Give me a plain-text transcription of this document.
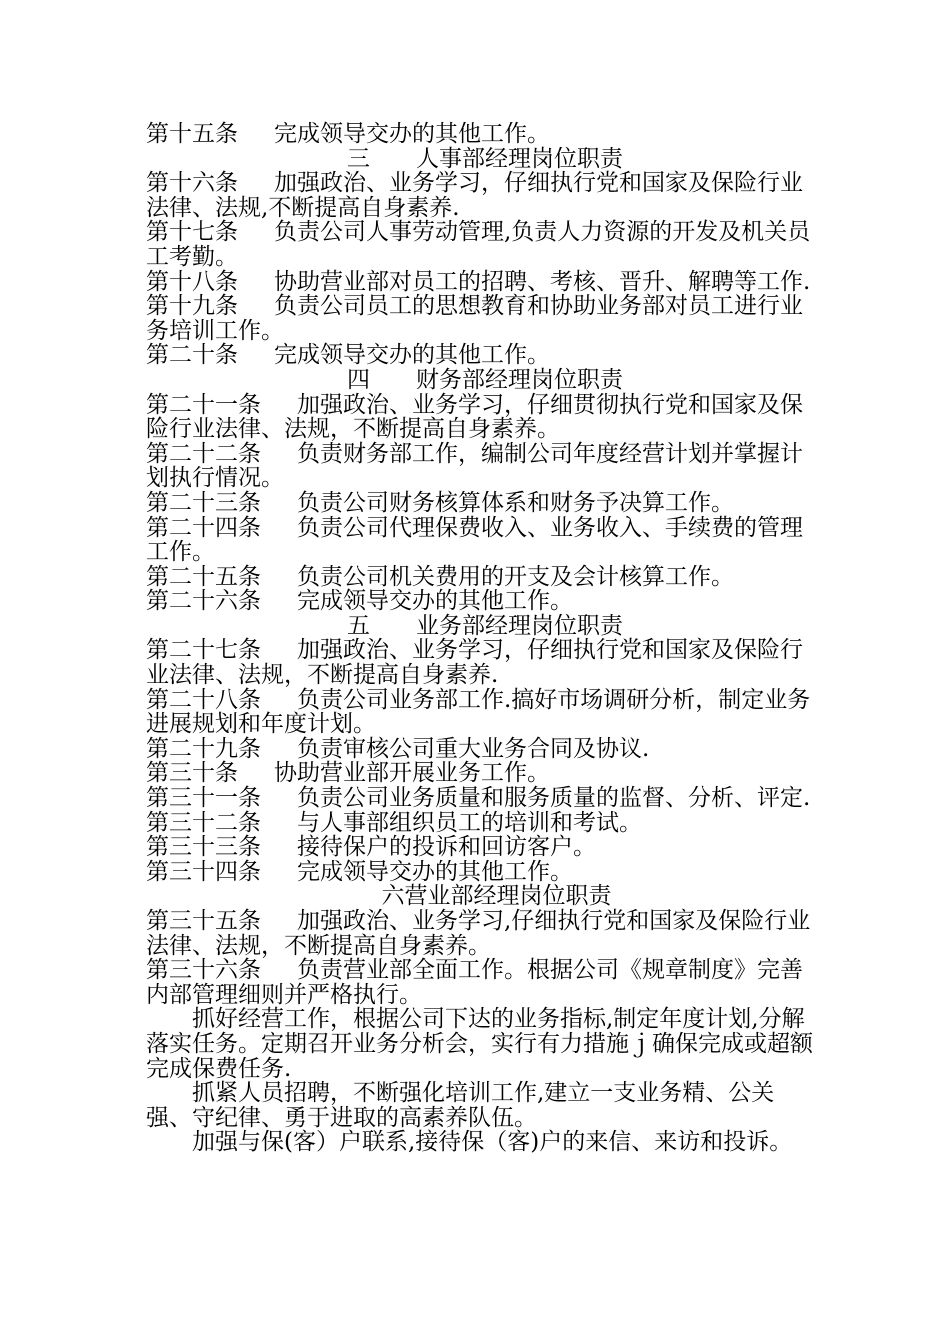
第十五条 完成领导交办的其他工作。
三　　人事部经理岗位职责
第十六条 加强政治、业务学习，仔细执行党和国家及保险行业法律、法规,不断提高自身素养.
第十七条 负责公司人事劳动管理,负责人力资源的开发及机关员工考勤。
第十八条 协助营业部对员工的招聘、考核、晋升、解聘等工作.
第十九条 负责公司员工的思想教育和协助业务部对员工进行业务培训工作。
第二十条 完成领导交办的其他工作。
四　　财务部经理岗位职责
第二十一条 加强政治、业务学习，仔细贯彻执行党和国家及保险行业法律、法规，不断提高自身素养。
第二十二条 负责财务部工作，编制公司年度经营计划并掌握计划执行情况。
第二十三条 负责公司财务核算体系和财务予决算工作。
第二十四条 负责公司代理保费收入、业务收入、手续费的管理工作。
第二十五条 负责公司机关费用的开支及会计核算工作。
第二十六条 完成领导交办的其他工作。
五　　业务部经理岗位职责
第二十七条 加强政治、业务学习，仔细执行党和国家及保险行业法律、法规，不断提高自身素养.
第二十八条 负责公司业务部工作.搞好市场调研分析，制定业务进展规划和年度计划。
第二十九条 负责审核公司重大业务合同及协议.
第三十条 协助营业部开展业务工作。
第三十一条 负责公司业务质量和服务质量的监督、分析、评定.
第三十二条 与人事部组织员工的培训和考试。
第三十三条 接待保户的投诉和回访客户。
第三十四条 完成领导交办的其他工作。
　六营业部经理岗位职责
第三十五条 加强政治、业务学习,仔细执行党和国家及保险行业法律、法规，不断提高自身素养。
第三十六条 负责营业部全面工作。根据公司《规章制度》完善内部管理细则并严格执行。
抓好经营工作，根据公司下达的业务指标,制定年度计划,分解落实任务。定期召开业务分析会，实行有力措施ｊ确保完成或超额完成保费任务.
抓紧人员招聘，不断强化培训工作,建立一支业务精、公关强、守纪律、勇于进取的高素养队伍。
加强与保(客）户联系,接待保（客)户的来信、来访和投诉。
